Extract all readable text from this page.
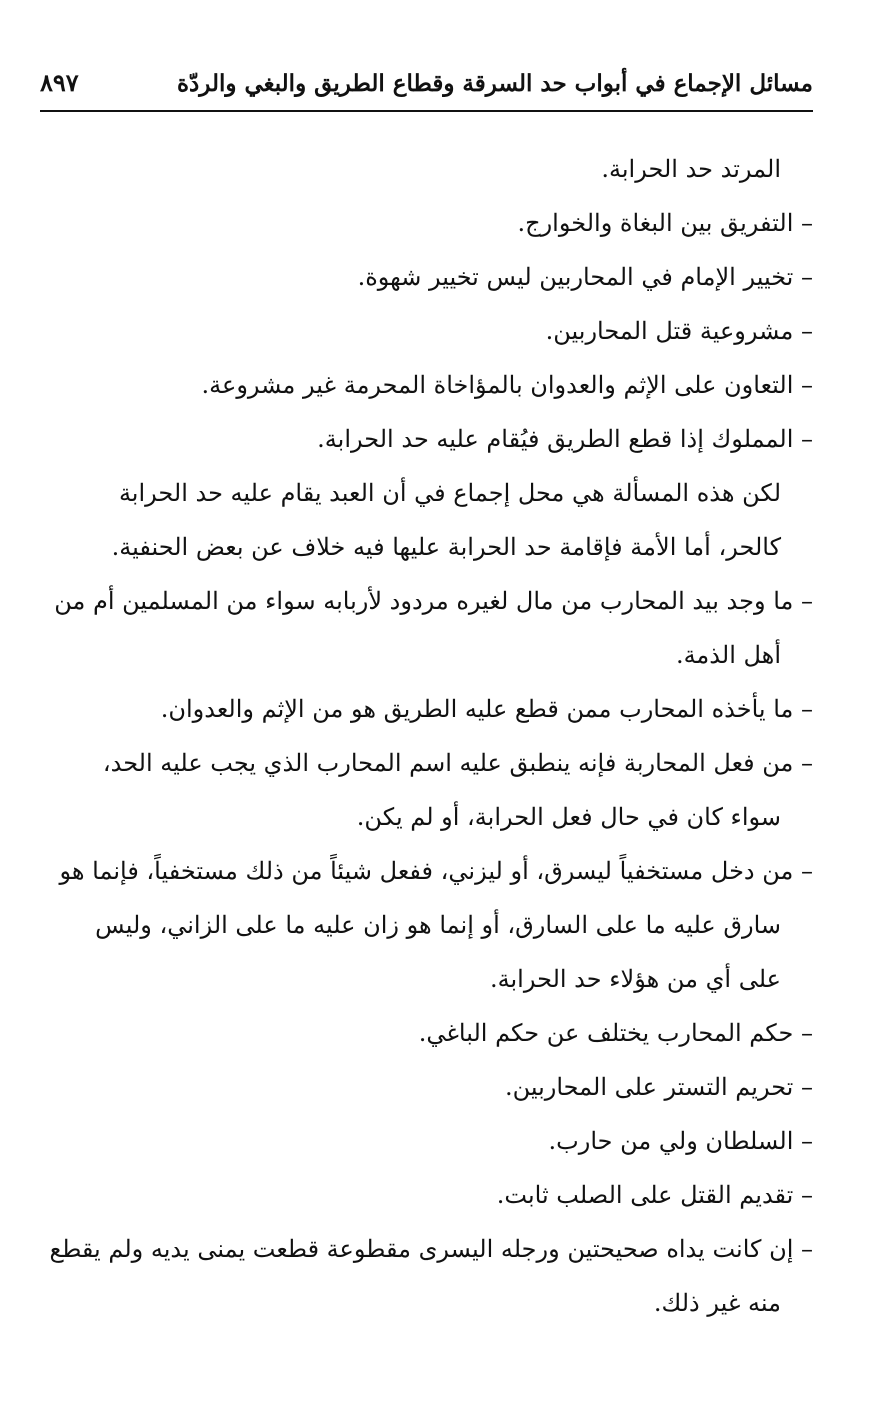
مسائل الإجماع في أبواب حد السرقة وقطاع الطريق والبغي والردّة
٨٩٧
المرتد حد الحرابة.
– التفريق بين البغاة والخوارج.
– تخيير الإمام في المحاربين ليس تخيير شهوة.
– مشروعية قتل المحاربين.
– التعاون على الإثم والعدوان بالمؤاخاة المحرمة غير مشروعة.
– المملوك إذا قطع الطريق فيُقام عليه حد الحرابة.
لكن هذه المسألة هي محل إجماع في أن العبد يقام عليه حد الحرابة
كالحر، أما الأمة فإقامة حد الحرابة عليها فيه خلاف عن بعض الحنفية.
– ما وجد بيد المحارب من مال لغيره مردود لأربابه سواء من المسلمين أم من
أهل الذمة.
– ما يأخذه المحارب ممن قطع عليه الطريق هو من الإثم والعدوان.
– من فعل المحاربة فإنه ينطبق عليه اسم المحارب الذي يجب عليه الحد،
سواء كان في حال فعل الحرابة، أو لم يكن.
– من دخل مستخفياً ليسرق، أو ليزني، ففعل شيئاً من ذلك مستخفياً، فإنما هو
سارق عليه ما على السارق، أو إنما هو زان عليه ما على الزاني، وليس
على أي من هؤلاء حد الحرابة.
– حكم المحارب يختلف عن حكم الباغي.
– تحريم التستر على المحاربين.
– السلطان ولي من حارب.
– تقديم القتل على الصلب ثابت.
– إن كانت يداه صحيحتين ورجله اليسرى مقطوعة قطعت يمنى يديه ولم يقطع
منه غير ذلك.
